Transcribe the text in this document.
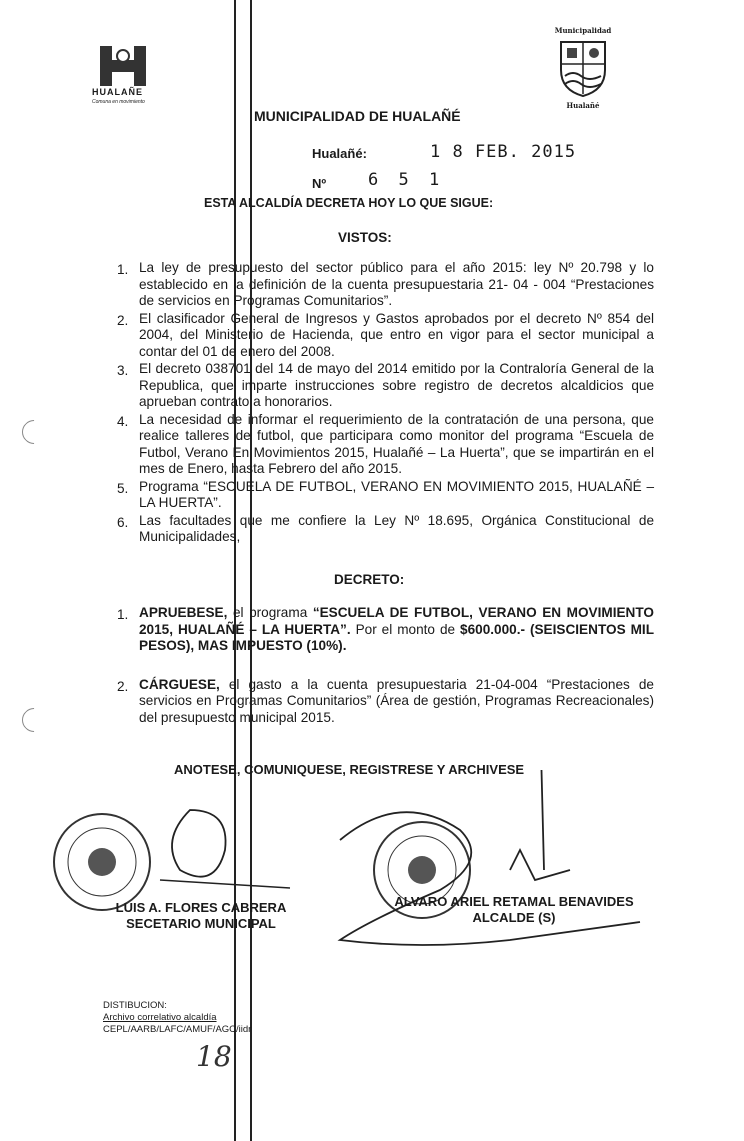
HUALAÑE
Comuna en movimiento
Municipalidad
Hualañé
MUNICIPALIDAD DE HUALAÑÉ
Hualañé:	1 8 FEB. 2015
Nº 6 5 1
ESTA ALCALDÍA DECRETA HOY LO QUE SIGUE:
VISTOS:
1. La ley de presupuesto del sector público para el año 2015: ley Nº 20.798 y lo establecido en la definición de la cuenta presupuestaria 21- 04 - 004 “Prestaciones de servicios en Programas Comunitarios”.
2. El clasificador General de Ingresos y Gastos aprobados por el decreto Nº 854 del 2004, del Ministerio de Hacienda, que entro en vigor para el sector municipal a contar del 01 de enero del 2008.
3. El decreto 038701 del 14 de mayo del 2014 emitido por la Contraloría General de la Republica, que imparte instrucciones sobre registro de decretos alcaldicios que aprueban contrato a honorarios.
4. La necesidad de informar el requerimiento de la contratación de una persona, que realice talleres de futbol, que participara como monitor del programa “Escuela de Futbol, Verano En Movimientos 2015, Hualañé – La Huerta”, que se impartirán en el mes de Enero, hasta Febrero del año 2015.
5. Programa “ESCUELA DE FUTBOL, VERANO EN MOVIMIENTO 2015, HUALAÑÉ – LA HUERTA”.
6. Las facultades que me confiere la Ley Nº 18.695, Orgánica Constitucional de Municipalidades,
DECRETO:
1. APRUEBESE, el programa “ESCUELA DE FUTBOL, VERANO EN MOVIMIENTO 2015, HUALAÑÉ – LA HUERTA”. Por el monto de $600.000.- (SEISCIENTOS MIL PESOS), MAS IMPUESTO (10%).
2. CÁRGUESE, el gasto a la cuenta presupuestaria 21-04-004 “Prestaciones de servicios en Programas Comunitarios” (Área de gestión, Programas Recreacionales) del presupuesto municipal 2015.
ANOTESE, COMUNIQUESE, REGISTRESE Y ARCHIVESE
LUIS A. FLORES CABRERA
SECETARIO MUNICIPAL
ALVARO ARIEL RETAMAL BENAVIDES
ALCALDE (S)
DISTIBUCION:
Archivo correlativo alcaldía
CEPL/AARB/LAFC/AMUF/AGC/iidr
18
